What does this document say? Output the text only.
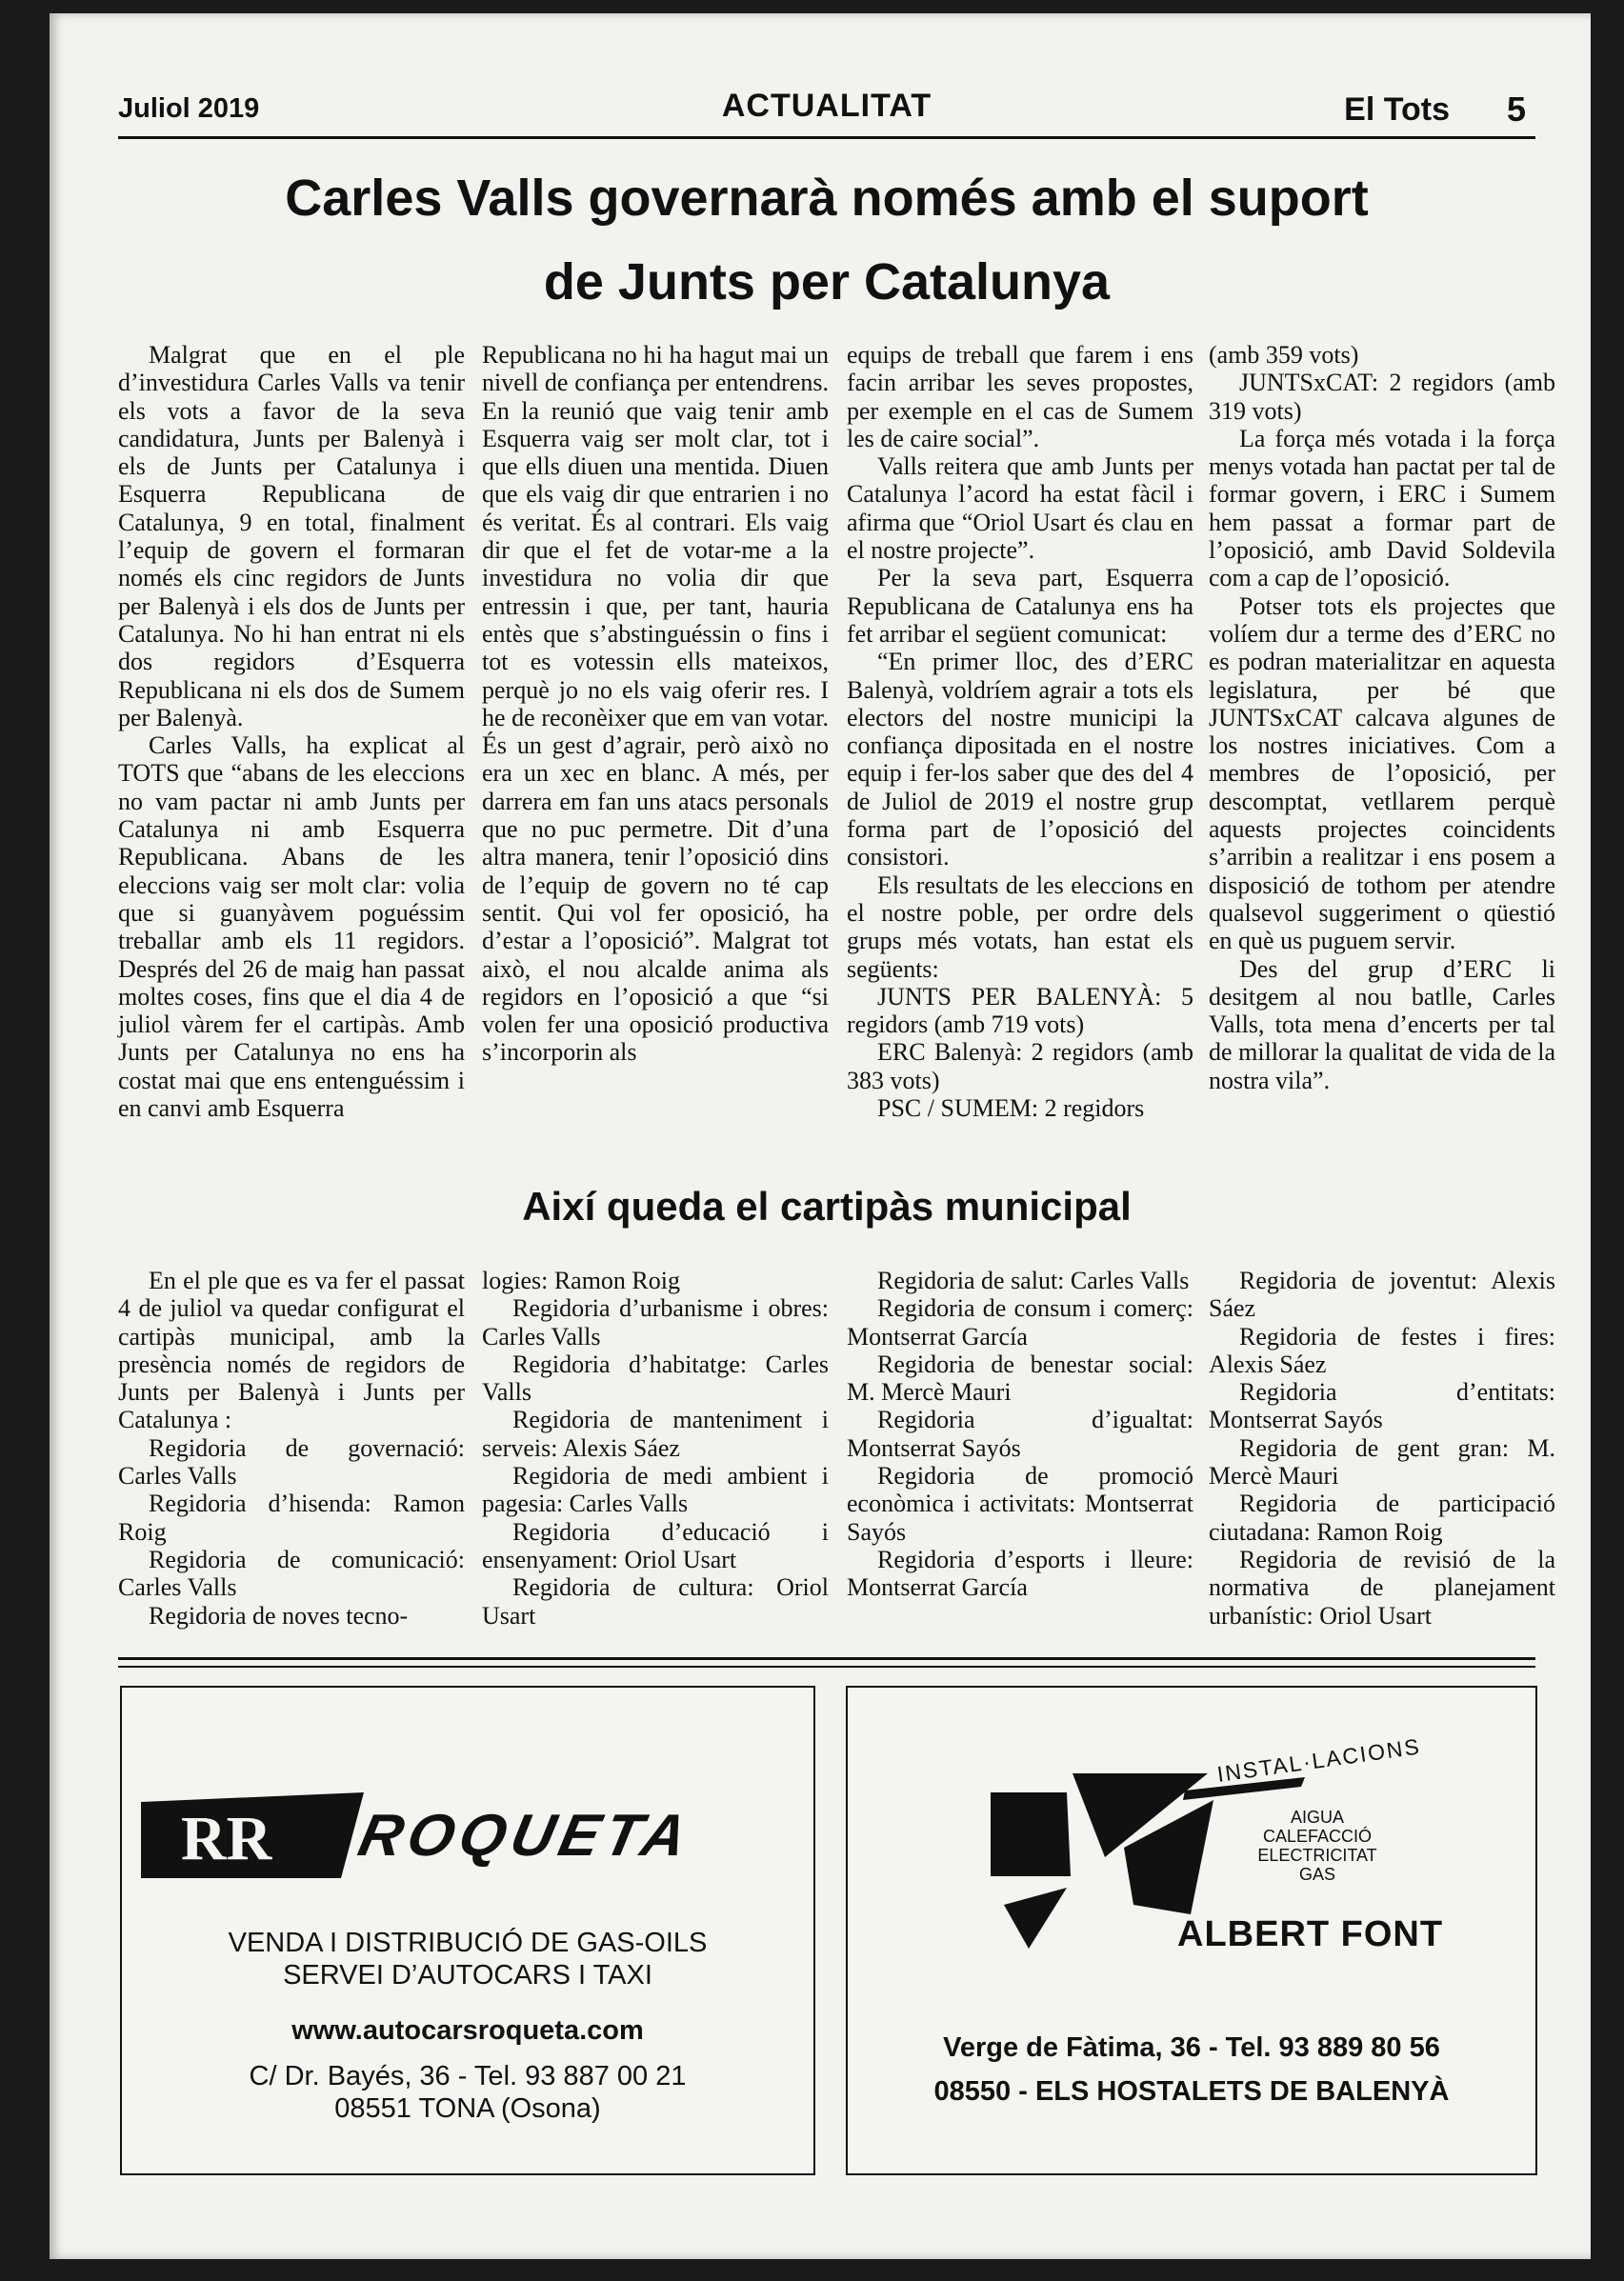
Juliol 2019	ACTUALITAT	El Tots 5
Carles Valls governarà només amb el suport
de Junts per Catalunya

Malgrat que en el ple d’investidura Carles Valls va tenir els vots a favor de la seva candidatura, Junts per Balenyà i els de Junts per Catalunya i Esquerra Republicana de Catalunya, 9 en total, finalment l’equip de govern el formaran només els cinc regidors de Junts per Balenyà i els dos de Junts per Catalunya. No hi han entrat ni els dos regidors d’Esquerra Republicana ni els dos de Sumem per Balenyà.

Carles Valls, ha explicat al TOTS que “abans de les eleccions no vam pactar ni amb Junts per Catalunya ni amb Esquerra Republicana. Abans de les eleccions vaig ser molt clar: volia que si guanyàvem poguéssim treballar amb els 11 regidors. Després del 26 de maig han passat moltes coses, fins que el dia 4 de juliol vàrem fer el cartipàs. Amb Junts per Catalunya no ens ha costat mai que ens entenguéssim i en canvi amb Esquerra

Republicana no hi ha hagut mai un nivell de confiança per entendrens. En la reunió que vaig tenir amb Esquerra vaig ser molt clar, tot i que ells diuen una mentida. Diuen que els vaig dir que entrarien i no és veritat. És al contrari. Els vaig dir que el fet de votar-me a la investidura no volia dir que entressin i que, per tant, hauria entès que s’abstinguéssin o fins i tot es votessin ells mateixos, perquè jo no els vaig oferir res. I he de reconèixer que em van votar. És un gest d’agrair, però això no era un xec en blanc. A més, per darrera em fan uns atacs personals que no puc permetre. Dit d’una altra manera, tenir l’oposició dins de l’equip de govern no té cap sentit. Qui vol fer oposició, ha d’estar a l’oposició”. Malgrat tot això, el nou alcalde anima als regidors en l’oposició a que “si volen fer una oposició productiva s’incorporin als

equips de treball que farem i ens facin arribar les seves propostes, per exemple en el cas de Sumem les de caire social”.

Valls reitera que amb Junts per Catalunya l’acord ha estat fàcil i afirma que “Oriol Usart és clau en el nostre projecte”.

Per la seva part, Esquerra Republicana de Catalunya ens ha fet arribar el següent comunicat:

“En primer lloc, des d’ERC Balenyà, voldríem agrair a tots els electors del nostre municipi la confiança dipositada en el nostre equip i fer-los saber que des del 4 de Juliol de 2019 el nostre grup forma part de l’oposició del consistori.

Els resultats de les eleccions en el nostre poble, per ordre dels grups més votats, han estat els següents:

JUNTS PER BALENYÀ: 5 regidors (amb 719 vots)

ERC Balenyà: 2 regidors (amb 383 vots)

PSC / SUMEM: 2 regidors

(amb 359 vots)

JUNTSxCAT: 2 regidors (amb 319 vots)

La força més votada i la força menys votada han pactat per tal de formar govern, i ERC i Sumem hem passat a formar part de l’oposició, amb David Soldevila com a cap de l’oposició.

Potser tots els projectes que volíem dur a terme des d’ERC no es podran materialitzar en aquesta legislatura, per bé que JUNTSxCAT calcava algunes de los nostres iniciatives. Com a membres de l’oposició, per descomptat, vetllarem perquè aquests projectes coincidents s’arribin a realitzar i ens posem a disposició de tothom per atendre qualsevol suggeriment o qüestió en què us puguem servir.

Des del grup d’ERC li desitgem al nou batlle, Carles Valls, tota mena d’encerts per tal de millorar la qualitat de vida de la nostra vila”.

Així queda el cartipàs municipal

En el ple que es va fer el passat 4 de juliol va quedar configurat el cartipàs municipal, amb la presència només de regidors de Junts per Balenyà i Junts per Catalunya :

Regidoria de governació: Carles Valls

Regidoria d’hisenda: Ramon Roig

Regidoria de comunicació: Carles Valls

Regidoria de noves tecno-

logies: Ramon Roig

Regidoria d’urbanisme i obres: Carles Valls

Regidoria d’habitatge: Carles Valls

Regidoria de manteniment i serveis: Alexis Sáez

Regidoria de medi ambient i pagesia: Carles Valls

Regidoria d’educació i ensenyament: Oriol Usart

Regidoria de cultura: Oriol Usart

Regidoria de salut: Carles Valls

Regidoria de consum i comerç: Montserrat García

Regidoria de benestar social: M. Mercè Mauri

Regidoria d’igualtat: Montserrat Sayós

Regidoria de promoció econòmica i activitats: Montserrat Sayós

Regidoria d’esports i lleure: Montserrat García

Regidoria de joventut: Alexis Sáez

Regidoria de festes i fires: Alexis Sáez

Regidoria d’entitats: Montserrat Sayós

Regidoria de gent gran: M. Mercè Mauri

Regidoria de participació ciutadana: Ramon Roig

Regidoria de revisió de la normativa de planejament urbanístic: Oriol Usart

RR ROQUETA
VENDA I DISTRIBUCIÓ DE GAS-OILS
SERVEI D’AUTOCARS I TAXI
www.autocarsroqueta.com
C/ Dr. Bayés, 36 - Tel. 93 887 00 21
08551 TONA (Osona)
INSTAL·LACIONS
AIGUA
CALEFACCIÓ
ELECTRICITAT
GAS
ALBERT FONT
Verge de Fàtima, 36 - Tel. 93 889 80 56
08550 - ELS HOSTALETS DE BALENYÀ
